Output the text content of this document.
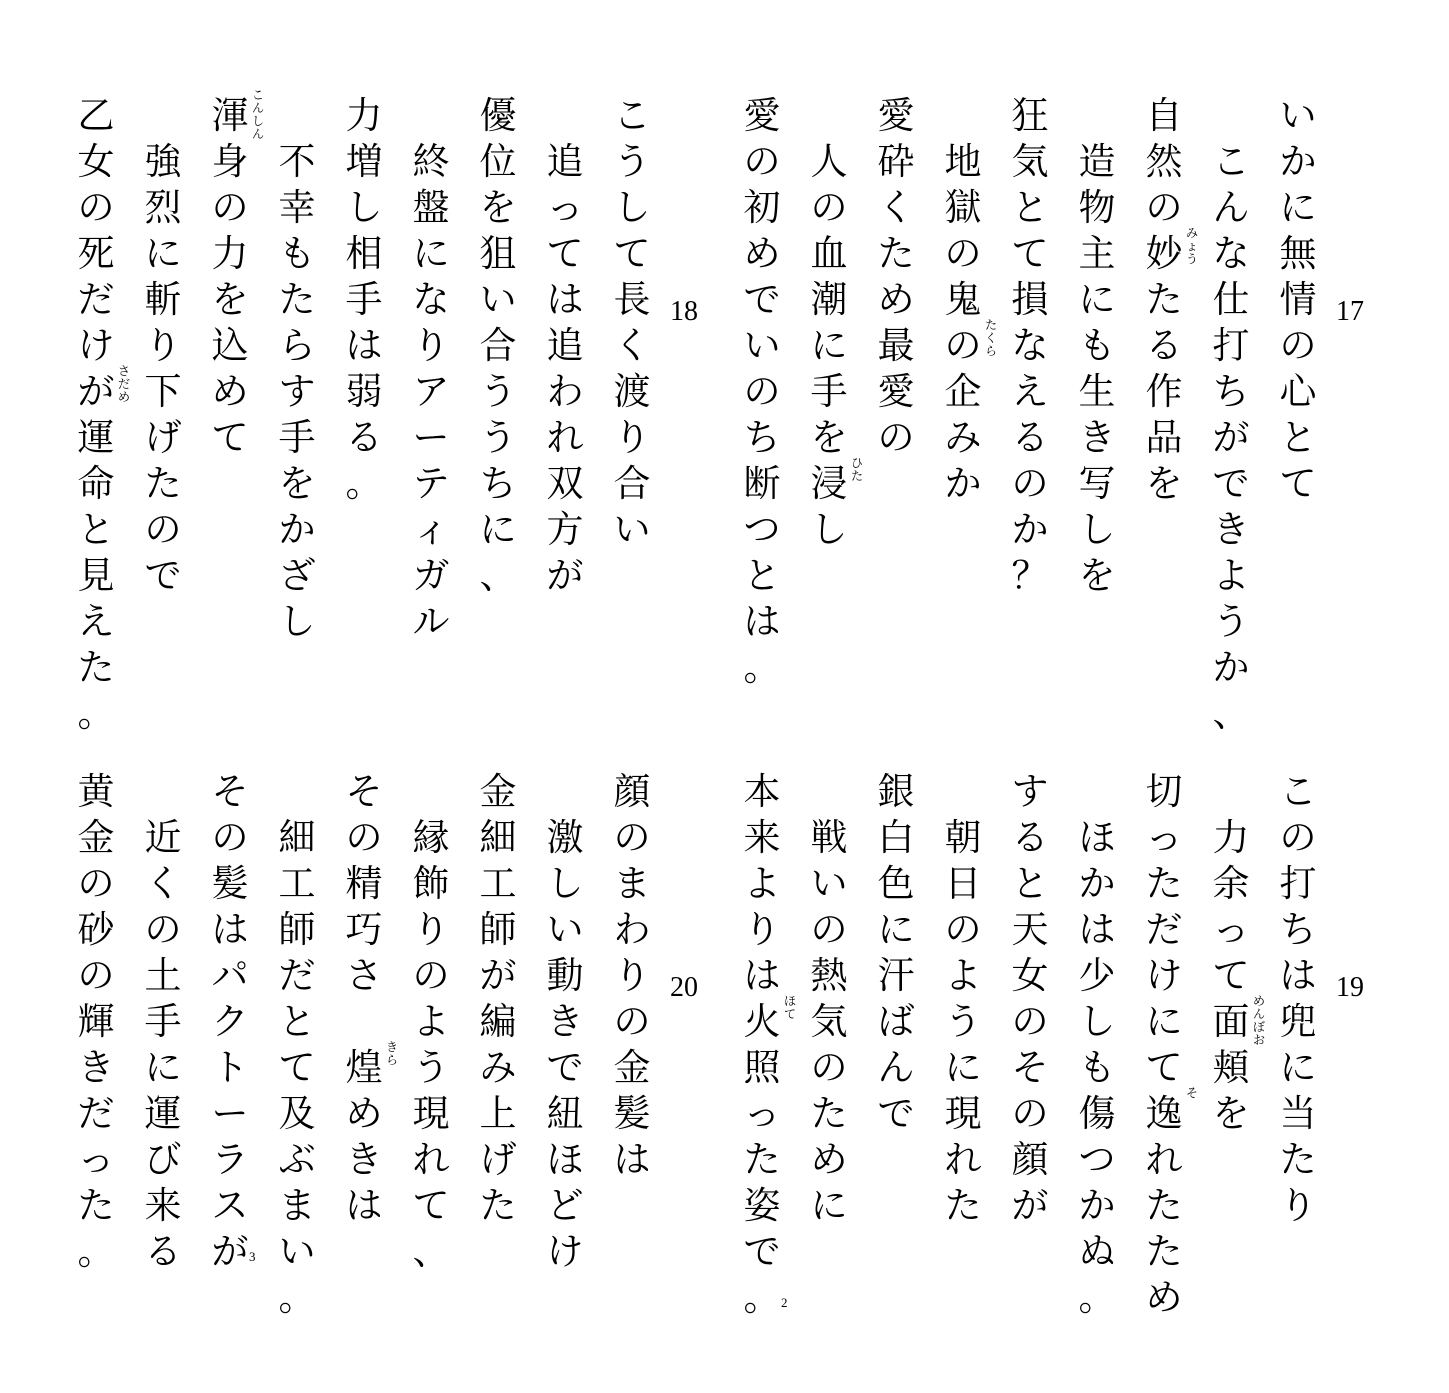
17
い
か
に
無
情
の
心
と
て
こ
ん
な
仕
打
ち
が
で
き
よ
う
か
、
自
然
の
妙
た
る
作
品
を
み
ょ
う
造
物
主
に
も
生
き
写
し
を
狂
気
と
て
損
な
え
る
の
か
？
地
獄
の
鬼
の
企
み
か
た
く
ら
愛
砕
く
た
め
最
愛
の
人
の
血
潮
に
手
を
浸
し
ひ
た
愛
の
初
め
で
い
の
ち
断
つ
と
は
。
18
こ
う
し
て
長
く
渡
り
合
い
追
っ
て
は
追
わ
れ
双
方
が
優
位
を
狙
い
合
う
う
ち
に
、
終
盤
に
な
り
ア
ー
テ
ィ
ガ
ル
力
増
し
相
手
は
弱
る
。
不
幸
も
た
ら
す
手
を
か
ざ
し
渾
身
の
力
を
込
め
て
こ
ん
し
ん
強
烈
に
斬
り
下
げ
た
の
で
乙
女
の
死
だ
け
が
運
命
と
見
え
た
。
さ
だ
め
19
こ
の
打
ち
は
兜
に
当
た
り
力
余
っ
て
面
頬
を
め
ん
ぼ
お
切
っ
た
だ
け
に
て
逸
れ
た
た
め
そ
ほ
か
は
少
し
も
傷
つ
か
ぬ
。
す
る
と
天
女
の
そ
の
顔
が
朝
日
の
よ
う
に
現
れ
た
銀
白
色
に
汗
ば
ん
で
戦
い
の
熱
気
の
た
め
に
本
来
よ
り
は
火
照
っ
た
姿
で
。
ほ
て
2
20
顔
の
ま
わ
り
の
金
髪
は
激
し
い
動
き
で
紐
ほ
ど
け
金
細
工
師
が
編
み
上
げ
た
縁
飾
り
の
よ
う
現
れ
て
、
そ
の
精
巧
さ

煌
め
き
は
き
ら
細
工
師
だ
と
て
及
ぶ
ま
い
。
そ
の
髪
は
パ
ク
ト
ー
ラ
ス
が 3
近
く
の
土
手
に
運
び
来
る
黄
金
の
砂
の
輝
き
だ
っ
た
。
